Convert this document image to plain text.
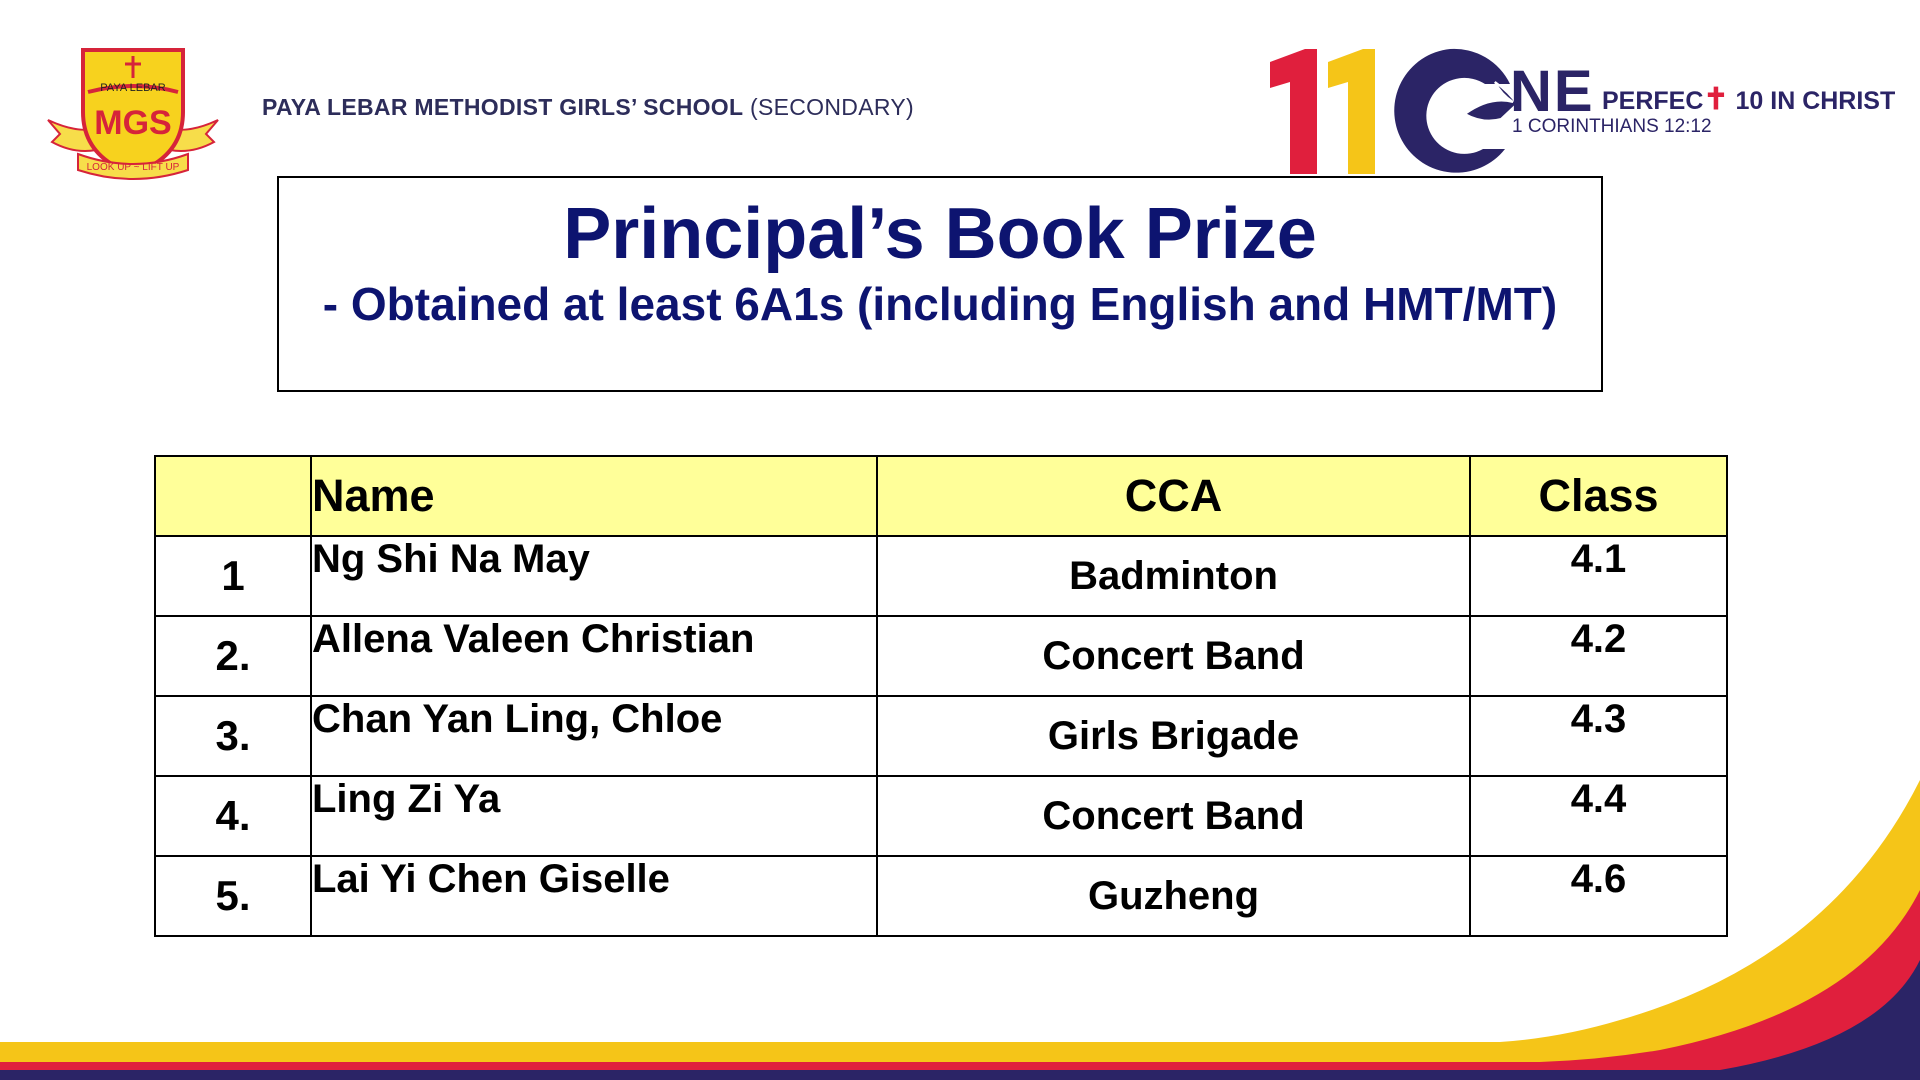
PAYA LEBAR
MGS
LOOK UP ~ LIFT UP
PAYA LEBAR METHODIST GIRLS’ SCHOOL (SECONDARY)	NE PERFEC✝ 10 IN CHRIST
1 CORINTHIANS 12:12
Principal’s Book Prize
- Obtained at least 6A1s (including English and HMT/MT)
	Name	CCA	Class
1	Ng Shi Na May	Badminton	4.1
2.	Allena Valeen Christian	Concert Band	4.2
3.	Chan Yan Ling, Chloe	Girls Brigade	4.3
4.	Ling Zi Ya	Concert Band	4.4
5.	Lai Yi Chen Giselle	Guzheng	4.6
